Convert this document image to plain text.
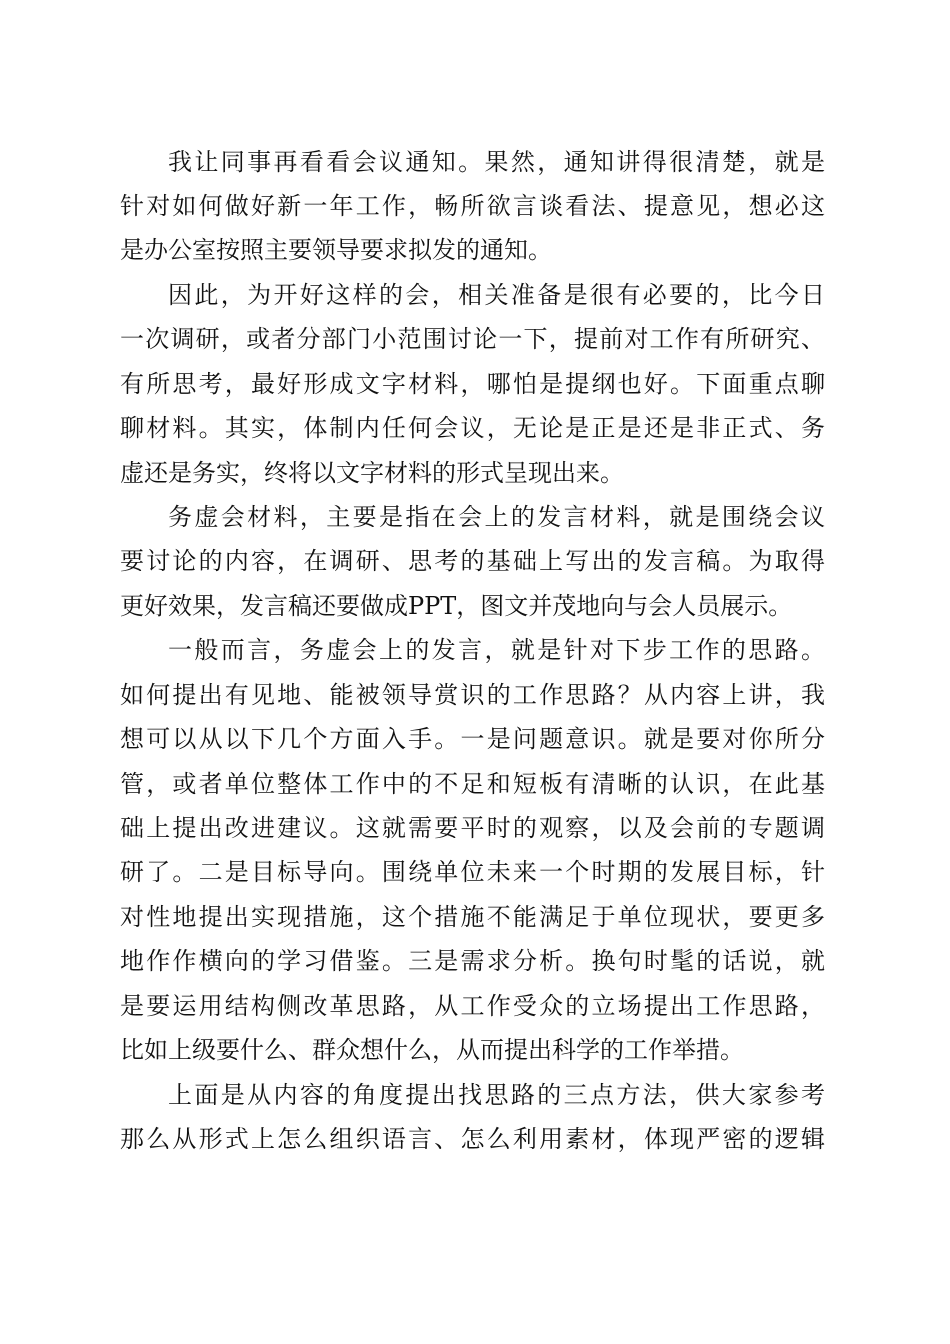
我让同事再看看会议通知。果然，通知讲得很清楚，就是
针对如何做好新一年工作，畅所欲言谈看法、提意见，想必这
是办公室按照主要领导要求拟发的通知。
因此，为开好这样的会，相关准备是很有必要的，比今日
一次调研，或者分部门小范围讨论一下，提前对工作有所研究、
有所思考，最好形成文字材料，哪怕是提纲也好。下面重点聊
聊材料。其实，体制内任何会议，无论是正是还是非正式、务
虚还是务实，终将以文字材料的形式呈现出来。
务虚会材料，主要是指在会上的发言材料，就是围绕会议
要讨论的内容，在调研、思考的基础上写出的发言稿。为取得
更好效果，发言稿还要做成PPT，图文并茂地向与会人员展示。
一般而言，务虚会上的发言，就是针对下步工作的思路。
如何提出有见地、能被领导赏识的工作思路？从内容上讲，我
想可以从以下几个方面入手。一是问题意识。就是要对你所分
管，或者单位整体工作中的不足和短板有清晰的认识，在此基
础上提出改进建议。这就需要平时的观察，以及会前的专题调
研了。二是目标导向。围绕单位未来一个时期的发展目标，针
对性地提出实现措施，这个措施不能满足于单位现状，要更多
地作作横向的学习借鉴。三是需求分析。换句时髦的话说，就
是要运用结构侧改革思路，从工作受众的立场提出工作思路，
比如上级要什么、群众想什么，从而提出科学的工作举措。
上面是从内容的角度提出找思路的三点方法，供大家参考
那么从形式上怎么组织语言、怎么利用素材，体现严密的逻辑
